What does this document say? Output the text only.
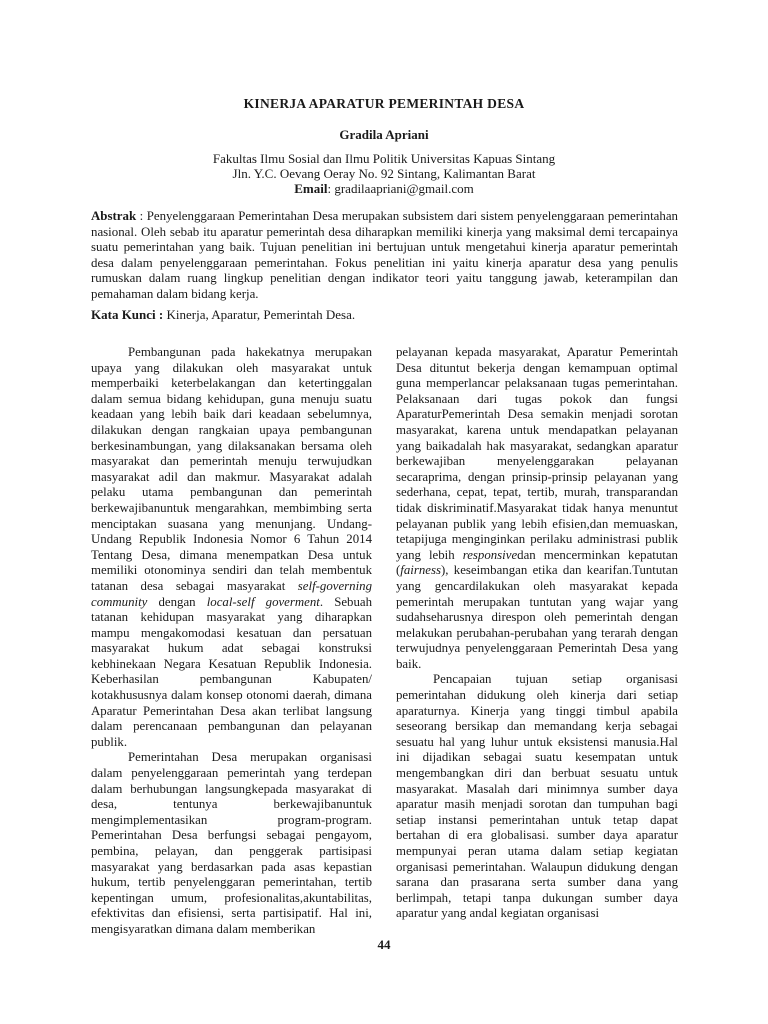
KINERJA APARATUR PEMERINTAH DESA
Gradila Apriani
Fakultas Ilmu Sosial dan Ilmu Politik Universitas Kapuas Sintang
Jln. Y.C. Oevang Oeray No. 92 Sintang, Kalimantan Barat
Email: gradilaapriani@gmail.com
Abstrak : Penyelenggaraan Pemerintahan Desa merupakan subsistem dari sistem penyelenggaraan pemerintahan nasional. Oleh sebab itu aparatur pemerintah desa diharapkan memiliki kinerja yang maksimal demi tercapainya suatu pemerintahan yang baik. Tujuan penelitian ini bertujuan untuk mengetahui kinerja aparatur pemerintah desa dalam penyelenggaraan pemerintahan. Fokus penelitian ini yaitu kinerja aparatur desa yang penulis rumuskan dalam ruang lingkup penelitian dengan indikator teori yaitu tanggung jawab, keterampilan dan pemahaman dalam bidang kerja.
Kata Kunci : Kinerja, Aparatur, Pemerintah Desa.

Pembangunan pada hakekatnya merupakan upaya yang dilakukan oleh masyarakat untuk memperbaiki keterbelakangan dan ketertinggalan dalam semua bidang kehidupan, guna menuju suatu keadaan yang lebih baik dari keadaan sebelumnya, dilakukan dengan rangkaian upaya pembangunan berkesinambungan, yang dilaksanakan bersama oleh masyarakat dan pemerintah menuju terwujudkan masyarakat adil dan makmur. Masyarakat adalah pelaku utama pembangunan dan pemerintah berkewajibanuntuk mengarahkan, membimbing serta menciptakan suasana yang menunjang. Undang-Undang Republik Indonesia Nomor 6 Tahun 2014 Tentang Desa, dimana menempatkan Desa untuk memiliki otonominya sendiri dan telah membentuk tatanan desa sebagai masyarakat self-governing community dengan local-self goverment. Sebuah tatanan kehidupan masyarakat yang diharapkan mampu mengakomodasi kesatuan dan persatuan masyarakat hukum adat sebagai konstruksi kebhinekaan Negara Kesatuan Republik Indonesia. Keberhasilan pembangunan Kabupaten/ kotakhususnya dalam konsep otonomi daerah, dimana Aparatur Pemerintahan Desa akan terlibat langsung dalam perencanaan pembangunan dan pelayanan publik.

Pemerintahan Desa merupakan organisasi dalam penyelenggaraan pemerintah yang terdepan dalam berhubungan langsungkepada masyarakat di desa, tentunya berkewajibanuntuk mengimplementasikan program-program. Pemerintahan Desa berfungsi sebagai pengayom, pembina, pelayan, dan penggerak partisipasi masyarakat yang berdasarkan pada asas kepastian hukum, tertib penyelenggaran pemerintahan, tertib kepentingan umum, profesionalitas,akuntabilitas, efektivitas dan efisiensi, serta partisipatif. Hal ini, mengisyaratkan dimana dalam memberikan

pelayanan kepada masyarakat, Aparatur Pemerintah Desa dituntut bekerja dengan kemampuan optimal guna memperlancar pelaksanaan tugas pemerintahan. Pelaksanaan dari tugas pokok dan fungsi AparaturPemerintah Desa semakin menjadi sorotan masyarakat, karena untuk mendapatkan pelayanan yang baikadalah hak masyarakat, sedangkan aparatur berkewajiban menyelenggarakan pelayanan secaraprima, dengan prinsip-prinsip pelayanan yang sederhana, cepat, tepat, tertib, murah, transparandan tidak diskriminatif.Masyarakat tidak hanya menuntut pelayanan publik yang lebih efisien,dan memuaskan, tetapijuga menginginkan perilaku administrasi publik yang lebih responsivedan mencerminkan kepatutan (fairness), keseimbangan etika dan kearifan.Tuntutan yang gencardilakukan oleh masyarakat kepada pemerintah merupakan tuntutan yang wajar yang sudahseharusnya direspon oleh pemerintah dengan melakukan perubahan-perubahan yang terarah dengan terwujudnya penyelenggaraan Pemerintah Desa yang baik.

Pencapaian tujuan setiap organisasi pemerintahan didukung oleh kinerja dari setiap aparaturnya. Kinerja yang tinggi timbul apabila seseorang bersikap dan memandang kerja sebagai sesuatu hal yang luhur untuk eksistensi manusia.Hal ini dijadikan sebagai suatu kesempatan untuk mengembangkan diri dan berbuat sesuatu untuk masyarakat. Masalah dari minimnya sumber daya aparatur masih menjadi sorotan dan tumpuhan bagi setiap instansi pemerintahan untuk tetap dapat bertahan di era globalisasi. sumber daya aparatur mempunyai peran utama dalam setiap kegiatan organisasi pemerintahan. Walaupun didukung dengan sarana dan prasarana serta sumber dana yang berlimpah, tetapi tanpa dukungan sumber daya aparatur yang andal kegiatan organisasi

44
